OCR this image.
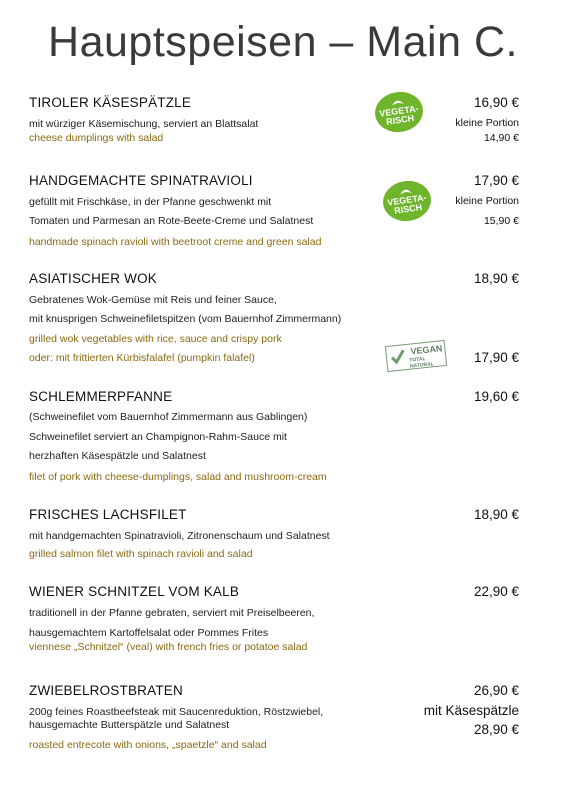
Hauptspeisen – Main C.
TIROLER KÄSESPÄTZLE
mit würziger Käsemischung, serviert an Blattsalat
cheese dumplings with salad
VEGETA-RISCH
16,90 €
kleine Portion
14,90 €
HANDGEMACHTE SPINATRAVIOLI
gefüllt mit Frischkäse, in der Pfanne geschwenkt mit
Tomaten und Parmesan an Rote-Beete-Creme und Salatnest
handmade spinach ravioli with beetroot creme and green salad
VEGETA-RISCH
17,90 €
kleine Portion
15,90 €
ASIATISCHER WOK
Gebratenes Wok-Gemüse mit Reis und feiner Sauce,
mit knusprigen Schweinefiletspitzen (vom Bauernhof Zimmermann)
grilled wok vegetables with rice, sauce and crispy pork
oder: mit frittierten Kürbisfalafel (pumpkin falafel)
18,90 €
VEGAN
TOTAL NATURAL
17,90 €
SCHLEMMERPFANNE
(Schweinefilet vom Bauernhof Zimmermann aus Gablingen)
Schweinefilet serviert an Champignon-Rahm-Sauce mit
herzhaften Käsespätzle und Salatnest
filet of pork with cheese-dumplings, salad and mushroom-cream
19,60 €
FRISCHES LACHSFILET
mit handgemachten Spinatravioli, Zitronenschaum und Salatnest
grilled salmon filet with spinach ravioli and salad
18,90 €
WIENER SCHNITZEL VOM KALB
traditionell in der Pfanne gebraten, serviert mit Preiselbeeren,
hausgemachtem Kartoffelsalat oder Pommes Frites
viennese „Schnitzel“ (veal) with french fries or potatoe salad
22,90 €
ZWIEBELROSTBRATEN
200g feines Roastbeefsteak mit Saucenreduktion, Röstzwiebel,
hausgemachte Butterspätzle und Salatnest
roasted entrecote with onions, „spaetzle“ and salad
26,90 €
mit Käsespätzle
28,90 €
